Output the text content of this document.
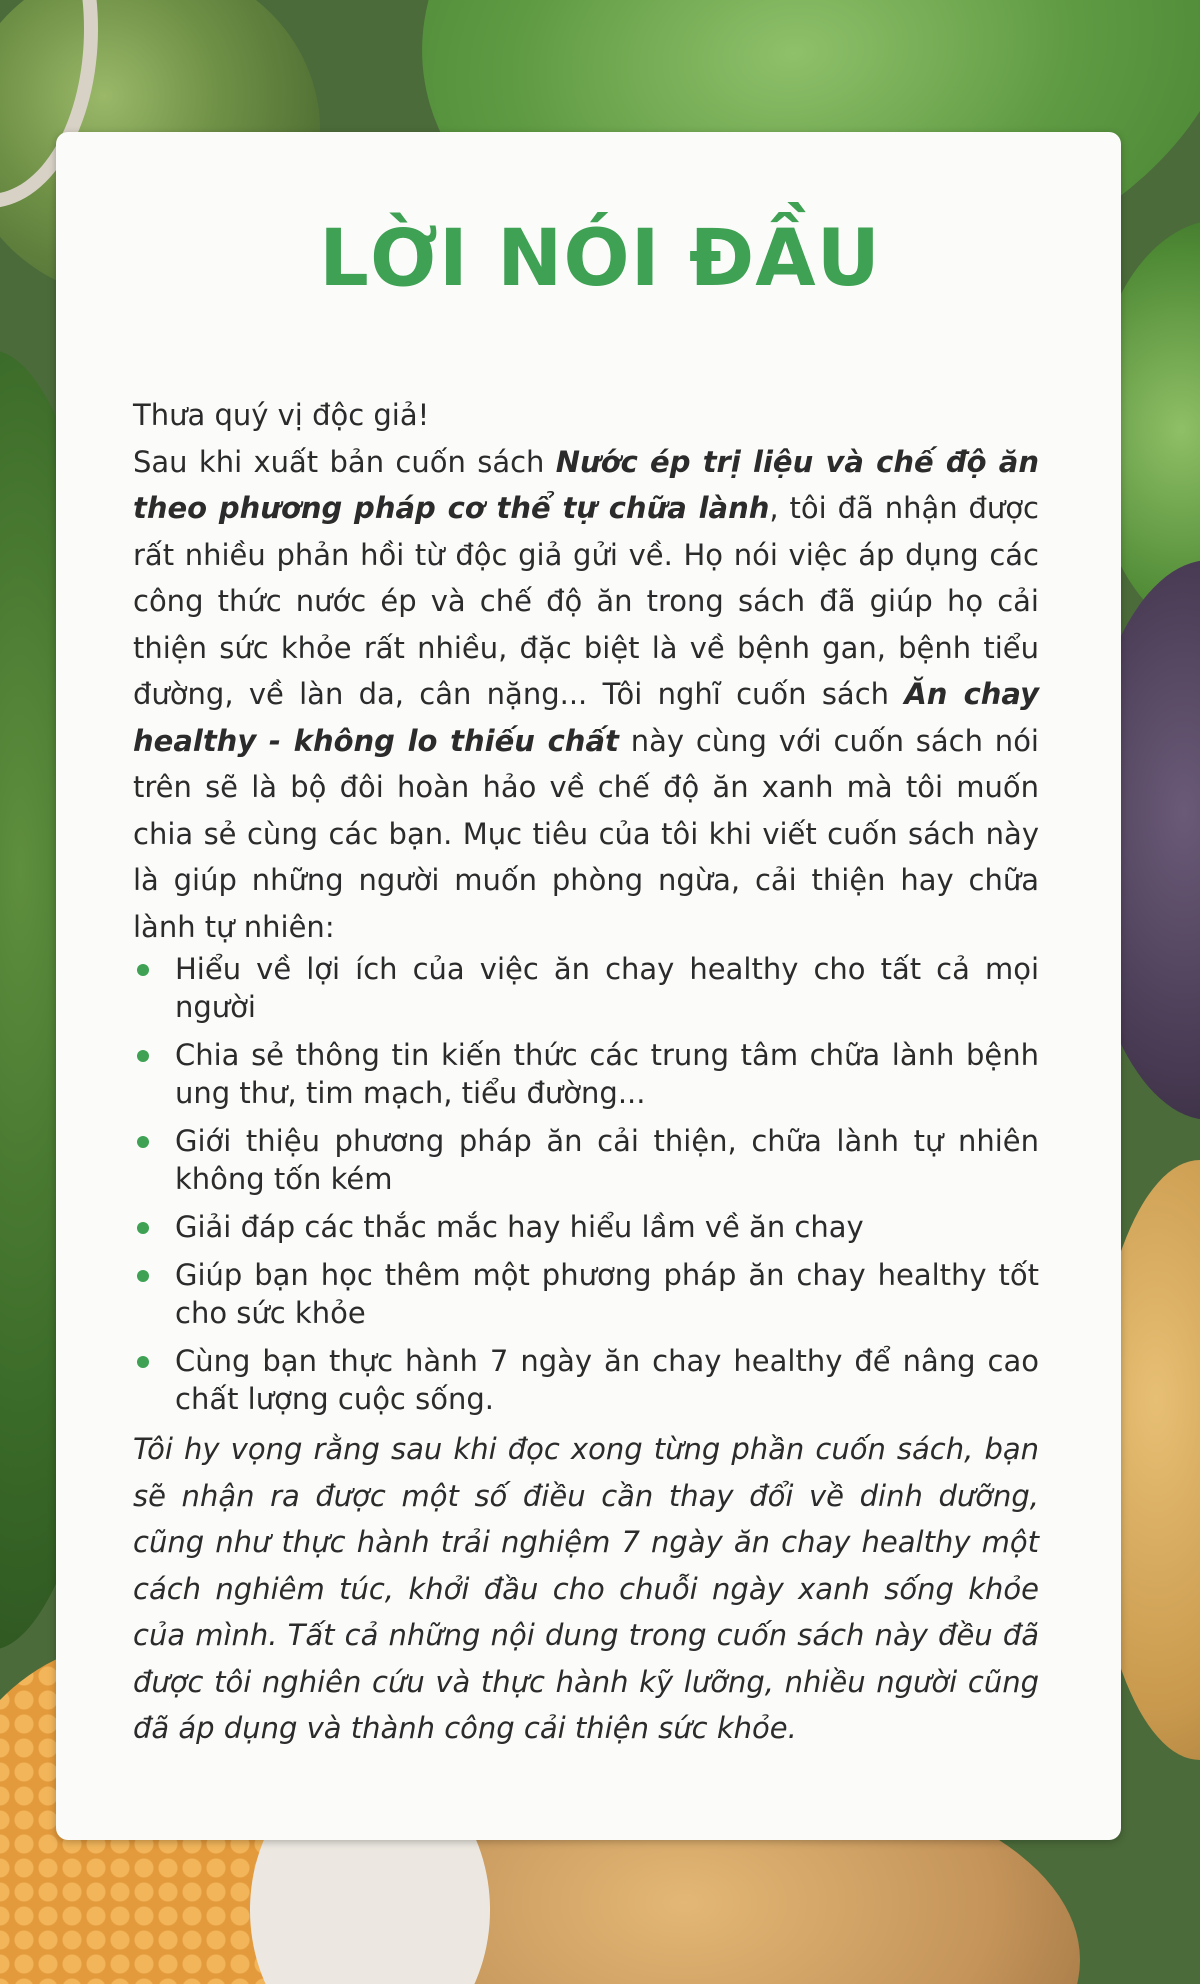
LỜI NÓI ĐẦU

Thưa quý vị độc giả!

Sau khi xuất bản cuốn sách Nước ép trị liệu và chế độ ăn theo phương pháp cơ thể tự chữa lành, tôi đã nhận được rất nhiều phản hồi từ độc giả gửi về. Họ nói việc áp dụng các công thức nước ép và chế độ ăn trong sách đã giúp họ cải thiện sức khỏe rất nhiều, đặc biệt là về bệnh gan, bệnh tiểu đường, về làn da, cân nặng... Tôi nghĩ cuốn sách Ăn chay healthy - không lo thiếu chất này cùng với cuốn sách nói trên sẽ là bộ đôi hoàn hảo về chế độ ăn xanh mà tôi muốn chia sẻ cùng các bạn. Mục tiêu của tôi khi viết cuốn sách này là giúp những người muốn phòng ngừa, cải thiện hay chữa lành tự nhiên:

Hiểu về lợi ích của việc ăn chay healthy cho tất cả mọi người
Chia sẻ thông tin kiến thức các trung tâm chữa lành bệnh ung thư, tim mạch, tiểu đường...
Giới thiệu phương pháp ăn cải thiện, chữa lành tự nhiên không tốn kém
Giải đáp các thắc mắc hay hiểu lầm về ăn chay
Giúp bạn học thêm một phương pháp ăn chay healthy tốt cho sức khỏe
Cùng bạn thực hành 7 ngày ăn chay healthy để nâng cao chất lượng cuộc sống.

Tôi hy vọng rằng sau khi đọc xong từng phần cuốn sách, bạn sẽ nhận ra được một số điều cần thay đổi về dinh dưỡng, cũng như thực hành trải nghiệm 7 ngày ăn chay healthy một cách nghiêm túc, khởi đầu cho chuỗi ngày xanh sống khỏe của mình. Tất cả những nội dung trong cuốn sách này đều đã được tôi nghiên cứu và thực hành kỹ lưỡng, nhiều người cũng đã áp dụng và thành công cải thiện sức khỏe.
